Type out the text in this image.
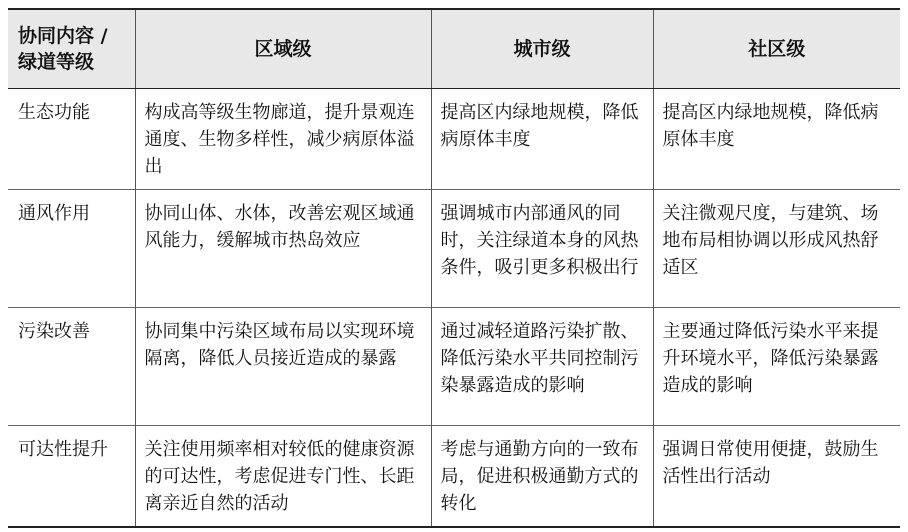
协同内容 / 绿道等级	区域级	城市级	社区级
生态功能	构成高等级生物廊道，提升景观连通度、生物多样性，减少病原体溢出	提高区内绿地规模，降低病原体丰度	提高区内绿地规模，降低病原体丰度
通风作用	协同山体、水体，改善宏观区域通风能力，缓解城市热岛效应	强调城市内部通风的同时，关注绿道本身的风热条件，吸引更多积极出行	关注微观尺度，与建筑、场地布局相协调以形成风热舒适区
污染改善	协同集中污染区域布局以实现环境隔离，降低人员接近造成的暴露	通过减轻道路污染扩散、降低污染水平共同控制污染暴露造成的影响	主要通过降低污染水平来提升环境水平，降低污染暴露造成的影响
可达性提升	关注使用频率相对较低的健康资源的可达性，考虑促进专门性、长距离亲近自然的活动	考虑与通勤方向的一致布局，促进积极通勤方式的转化	强调日常使用便捷，鼓励生活性出行活动
